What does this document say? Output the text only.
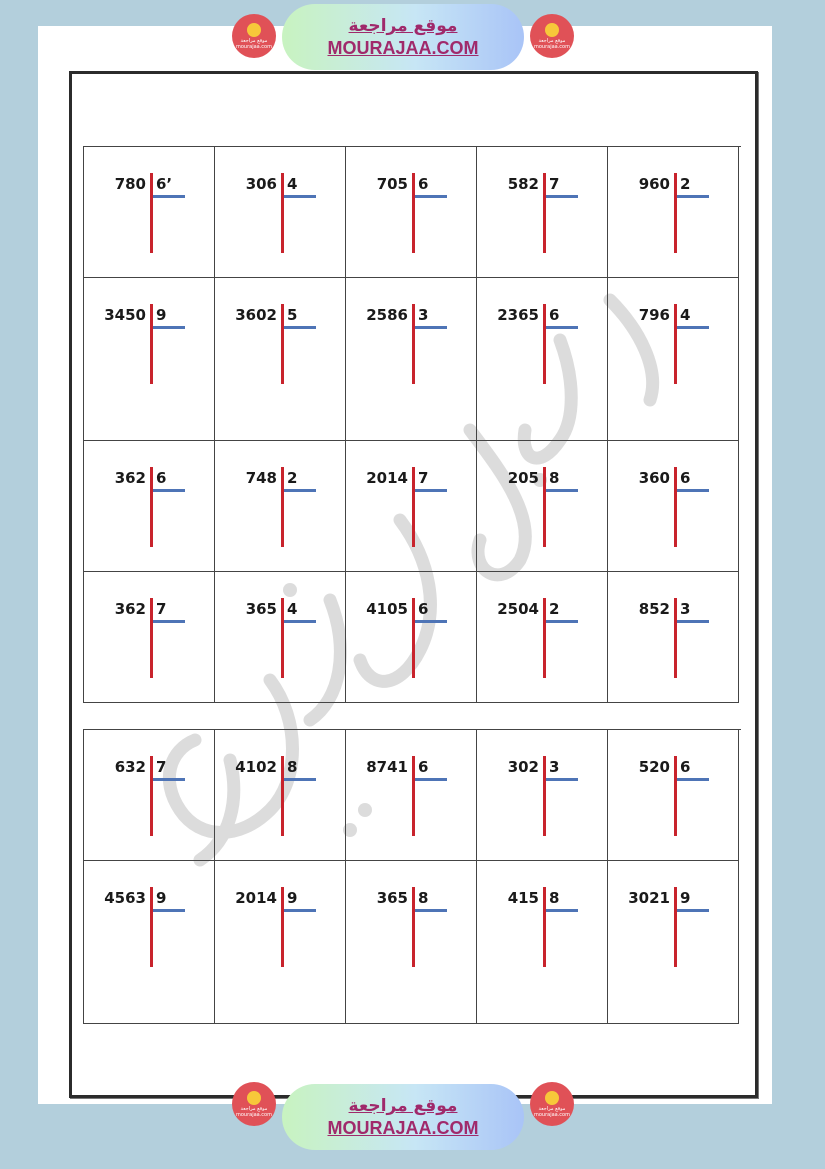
موقع مراجعة mourajaa.com
موقع مراجعة
MOURAJAA.COM	موقع مراجعة mourajaa.com
780 6’	306 4	705 6	582 7	960 2
3450 9	3602 5	2586 3	2365 6	796 4
362 6	748 2	2014 7	205 8	360 6
362 7	365 4	4105 6	2504 2	852 3
632 7	4102 8	8741 6	302 3	520 6
4563 9	2014 9	365 8	415 8	3021 9
موقع مراجعة mourajaa.com	موقع مراجعة
MOURAJAA.COM
موقع مراجعة mourajaa.com
